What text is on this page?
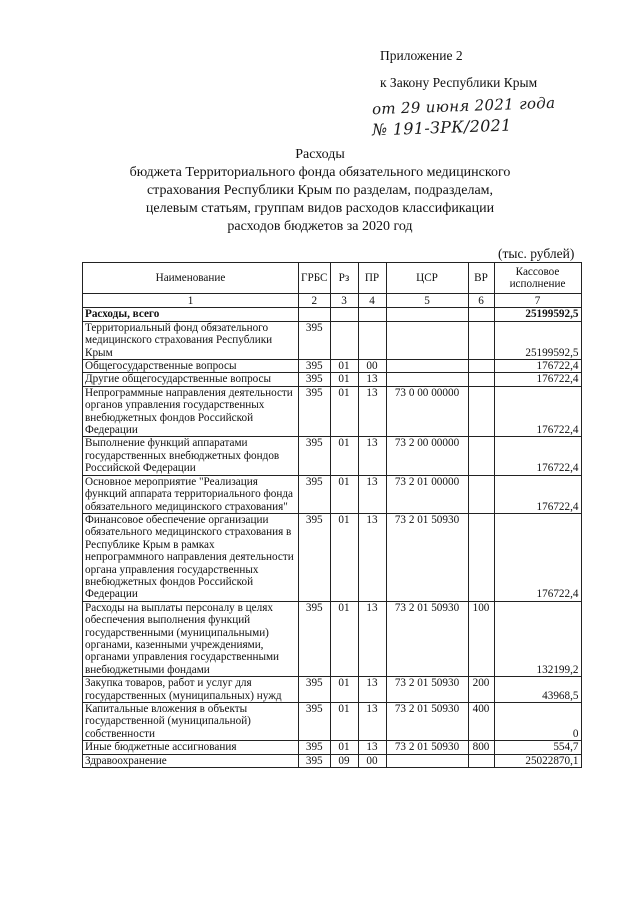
Приложение 2
к Закону Республики Крым
от 29 июня 2021 года
№ 191-ЗРК/2021
Расходы
бюджета Территориального фонда обязательного медицинского
страхования Республики Крым по разделам, подразделам,
целевым статьям, группам видов расходов классификации
расходов бюджетов за 2020 год
(тыс. рублей)
Наименование	ГРБС	Рз	ПР	ЦСР	ВР	Кассовое исполнение
1	2	3	4	5	6	7
Расходы, всего						25199592,5
Территориальный фонд обязательного медицинского страхования Республики Крым	395					25199592,5
Общегосударственные вопросы	395	01	00			176722,4
Другие общегосударственные вопросы	395	01	13			176722,4
Непрограммные направления деятельности органов управления государственных внебюджетных фондов Российской Федерации	395	01	13	73 0 00 00000		176722,4
Выполнение функций аппаратами государственных внебюджетных фондов Российской Федерации	395	01	13	73 2 00 00000		176722,4
Основное мероприятие "Реализация функций аппарата территориального фонда обязательного медицинского страхования"	395	01	13	73 2 01 00000		176722,4
Финансовое обеспечение организации обязательного медицинского страхования в Республике Крым в рамках непрограммного направления деятельности органа управления государственных внебюджетных фондов Российской Федерации	395	01	13	73 2 01 50930		176722,4
Расходы на выплаты персоналу в целях обеспечения выполнения функций государственными (муниципальными) органами, казенными учреждениями, органами управления государственными внебюджетными фондами	395	01	13	73 2 01 50930	100	132199,2
Закупка товаров, работ и услуг для государственных (муниципальных) нужд	395	01	13	73 2 01 50930	200	43968,5
Капитальные вложения в объекты государственной (муниципальной) собственности	395	01	13	73 2 01 50930	400	0
Иные бюджетные ассигнования	395	01	13	73 2 01 50930	800	554,7
Здравоохранение	395	09	00			25022870,1
